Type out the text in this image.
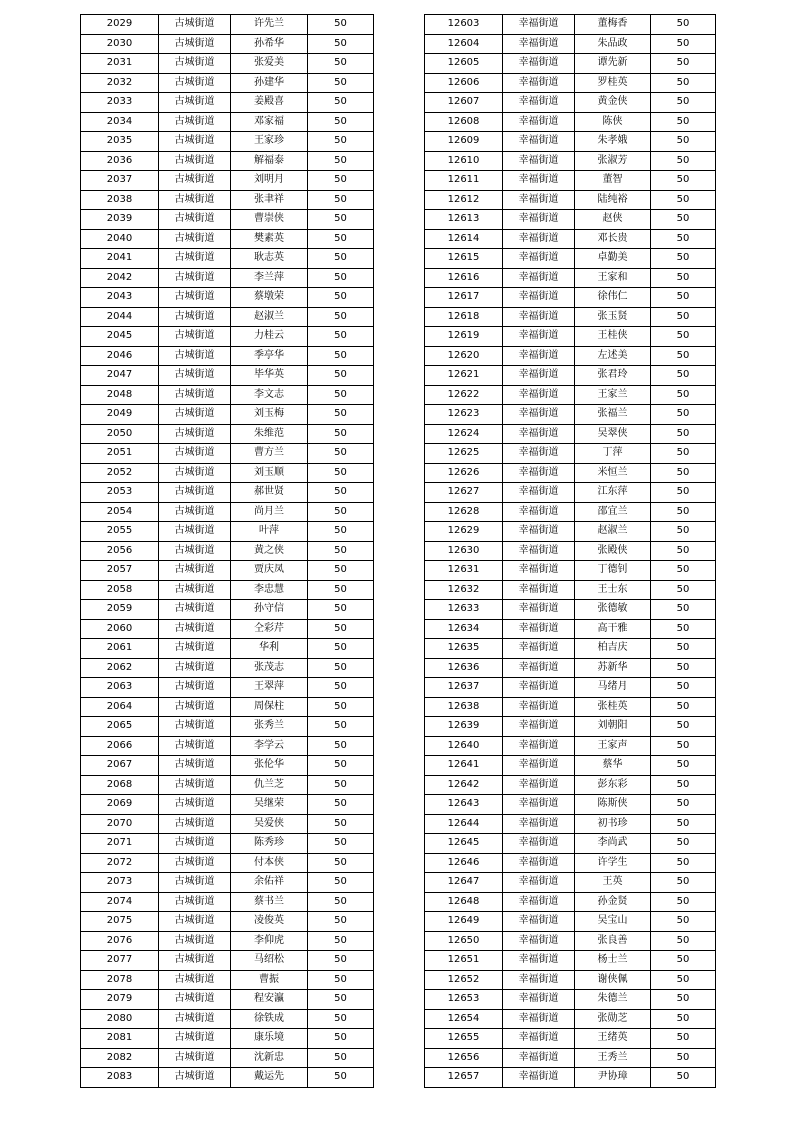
2029	古城街道	许先兰	50
2030	古城街道	孙希华	50
2031	古城街道	张爱美	50
2032	古城街道	孙建华	50
2033	古城街道	姜殿喜	50
2034	古城街道	邓家福	50
2035	古城街道	王家珍	50
2036	古城街道	解福泰	50
2037	古城街道	刘明月	50
2038	古城街道	张聿祥	50
2039	古城街道	曹崇侠	50
2040	古城街道	樊素英	50
2041	古城街道	耿志英	50
2042	古城街道	李兰萍	50
2043	古城街道	蔡墩荣	50
2044	古城街道	赵淑兰	50
2045	古城街道	力桂云	50
2046	古城街道	季亭华	50
2047	古城街道	毕华英	50
2048	古城街道	李文志	50
2049	古城街道	刘玉梅	50
2050	古城街道	朱维范	50
2051	古城街道	曹方兰	50
2052	古城街道	刘玉顺	50
2053	古城街道	郝世贤	50
2054	古城街道	尚月兰	50
2055	古城街道	叶萍	50
2056	古城街道	黄之侠	50
2057	古城街道	贾庆凤	50
2058	古城街道	李忠慧	50
2059	古城街道	孙守信	50
2060	古城街道	仝彩芹	50
2061	古城街道	华利	50
2062	古城街道	张茂志	50
2063	古城街道	王翠萍	50
2064	古城街道	周保柱	50
2065	古城街道	张秀兰	50
2066	古城街道	李学云	50
2067	古城街道	张伦华	50
2068	古城街道	仇兰芝	50
2069	古城街道	吴继荣	50
2070	古城街道	吴爱侠	50
2071	古城街道	陈秀珍	50
2072	古城街道	付本侠	50
2073	古城街道	余佑祥	50
2074	古城街道	蔡书兰	50
2075	古城街道	凌俊英	50
2076	古城街道	李仰虎	50
2077	古城街道	马绍松	50
2078	古城街道	曹振	50
2079	古城街道	程安瀛	50
2080	古城街道	徐铁成	50
2081	古城街道	康乐境	50
2082	古城街道	沈新忠	50
2083	古城街道	戴运先	50
12603	幸福街道	董梅香	50
12604	幸福街道	朱品政	50
12605	幸福街道	谭先新	50
12606	幸福街道	罗桂英	50
12607	幸福街道	黄金侠	50
12608	幸福街道	陈侠	50
12609	幸福街道	朱孝娥	50
12610	幸福街道	张淑芳	50
12611	幸福街道	董智	50
12612	幸福街道	陆纯裕	50
12613	幸福街道	赵侠	50
12614	幸福街道	邓长贵	50
12615	幸福街道	卓勤美	50
12616	幸福街道	王家和	50
12617	幸福街道	徐伟仁	50
12618	幸福街道	张玉贤	50
12619	幸福街道	王桂侠	50
12620	幸福街道	左述美	50
12621	幸福街道	张君玲	50
12622	幸福街道	王家兰	50
12623	幸福街道	张福兰	50
12624	幸福街道	吴翠侠	50
12625	幸福街道	丁萍	50
12626	幸福街道	米恒兰	50
12627	幸福街道	江东萍	50
12628	幸福街道	邵宜兰	50
12629	幸福街道	赵淑兰	50
12630	幸福街道	张殿侠	50
12631	幸福街道	丁德钊	50
12632	幸福街道	王士东	50
12633	幸福街道	张德敏	50
12634	幸福街道	高干雅	50
12635	幸福街道	柏吉庆	50
12636	幸福街道	苏新华	50
12637	幸福街道	马绪月	50
12638	幸福街道	张桂英	50
12639	幸福街道	刘朝阳	50
12640	幸福街道	王家声	50
12641	幸福街道	蔡华	50
12642	幸福街道	彭东彩	50
12643	幸福街道	陈斯侠	50
12644	幸福街道	初书珍	50
12645	幸福街道	李尚武	50
12646	幸福街道	许学生	50
12647	幸福街道	王英	50
12648	幸福街道	孙金贤	50
12649	幸福街道	吴宝山	50
12650	幸福街道	张良善	50
12651	幸福街道	杨士兰	50
12652	幸福街道	谢侠佩	50
12653	幸福街道	朱德兰	50
12654	幸福街道	张勋芝	50
12655	幸福街道	王绪英	50
12656	幸福街道	王秀兰	50
12657	幸福街道	尹协璋	50
